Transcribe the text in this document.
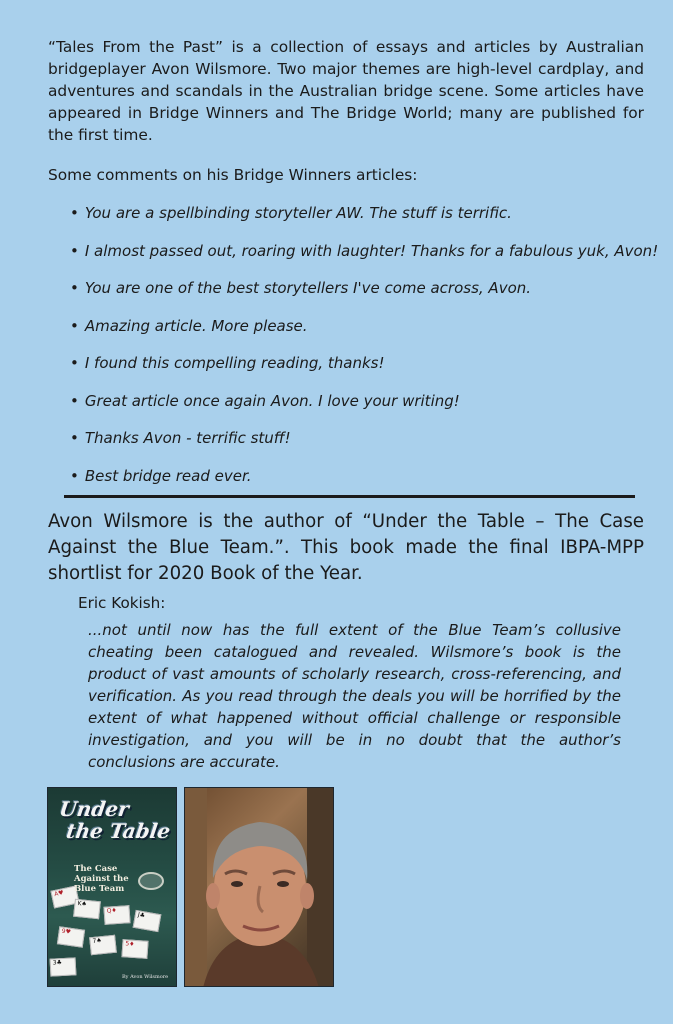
“Tales From the Past” is a collection of essays and articles by Australian bridgeplayer Avon Wilsmore. Two major themes are high-level cardplay, and adventures and scandals in the Australian bridge scene. Some articles have appeared in Bridge Winners and The Bridge World; many are published for the first time.

Some comments on his Bridge Winners articles:

• You are a spellbinding storyteller AW. The stuff is terrific.
• I almost passed out, roaring with laughter! Thanks for a fabulous yuk, Avon!
• You are one of the best storytellers I've come across, Avon.
• Amazing article. More please.
• I found this compelling reading, thanks!
• Great article once again Avon. I love your writing!
• Thanks Avon - terrific stuff!
• Best bridge read ever.

Avon Wilsmore is the author of “Under the Table – The Case Against the Blue Team.”. This book made the final IBPA-MPP shortlist for 2020 Book of the Year.

Eric Kokish:

...not until now has the full extent of the Blue Team’s collusive cheating been catalogued and revealed. Wilsmore’s book is the product of vast amounts of scholarly research, cross-referencing, and verification. As you read through the deals you will be horrified by the extent of what happened without official challenge or responsible investigation, and you will be in no doubt that the author’s conclusions are accurate.

A♥
K♠
Q♦
J♣
9♥
7♠	5♦
3♣
Under
the Table
The Case Against the Blue Team
By Avon Wilsmore
